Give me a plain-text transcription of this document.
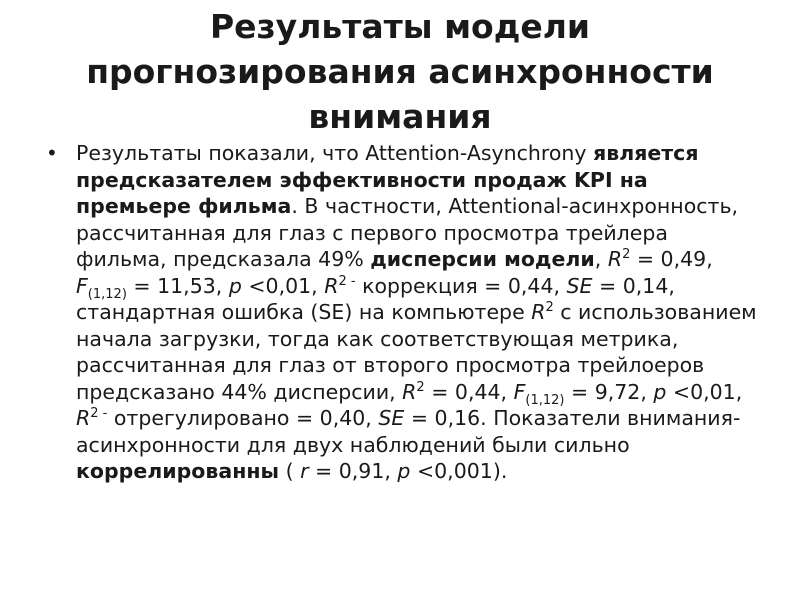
Результаты модели
прогнозирования асинхронности
внимания
• Результаты показали, что Attention-Asynchrony является предсказателем эффективности продаж KPI на премьере фильма. В частности, Attentional-асинхронность, рассчитанная для глаз с первого просмотра трейлера фильма, предсказала 49% дисперсии модели, $R^2 = 0,49$, $F_{(1,12)} = 11,53$, p <0,01, $R^{2 -}$ коррекция = 0,44, SE = 0,14, стандартная ошибка (SE) на компьютере $R^2$ с использованием начала загрузки, тогда как соответствующая метрика, рассчитанная для глаз от второго просмотра трейлоеров предсказано 44% дисперсии, $R^2 = 0,44$, $F_{(1,12)} = 9,72$, p <0,01, $R^{2 -}$ отрегулировано = 0,40, SE = 0,16. Показатели внимания-асинхронности для двух наблюдений были сильно коррелированны ( r = 0,91, p <0,001).
